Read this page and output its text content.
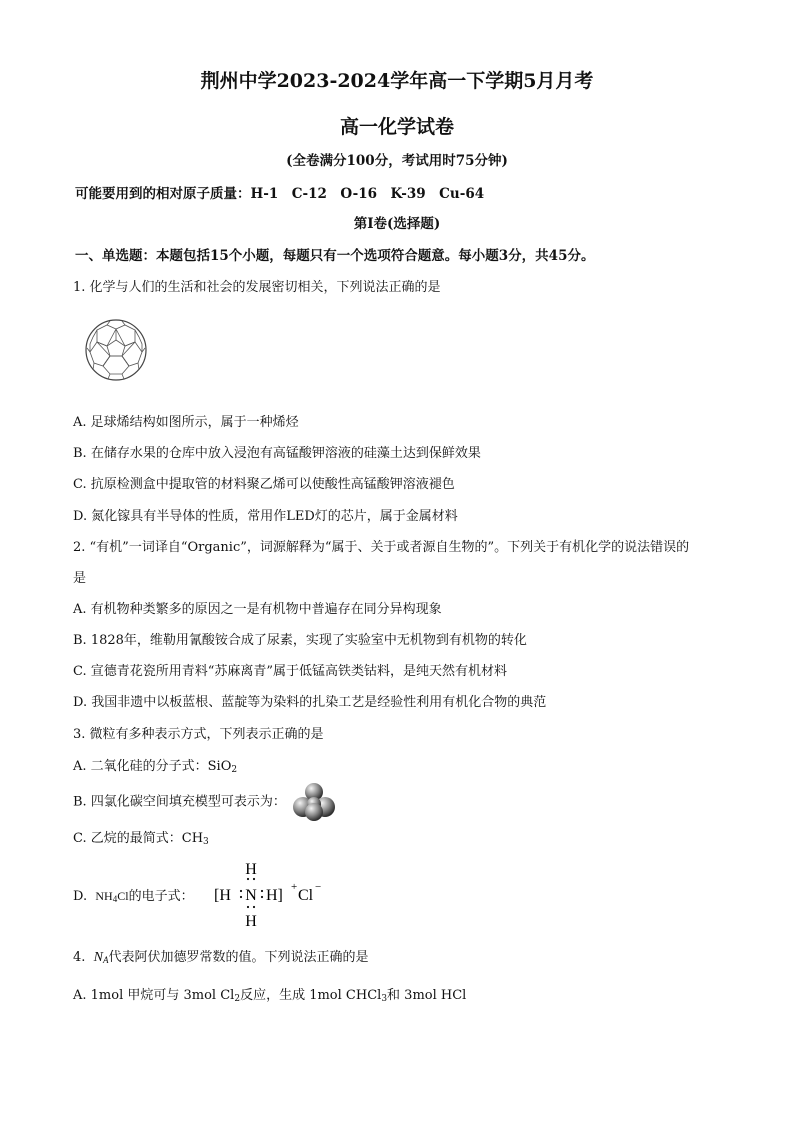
荆州中学2023-2024学年高一下学期5月月考
高一化学试卷
(全卷满分100分，考试用时75分钟)
可能要用到的相对原子质量：H-1　C-12　O-16　K-39　Cu-64
第Ⅰ卷(选择题)
一、单选题：本题包括15个小题，每题只有一个选项符合题意。每小题3分，共45分。
1. 化学与人们的生活和社会的发展密切相关，下列说法正确的是
A. 足球烯结构如图所示，属于一种烯烃
B. 在储存水果的仓库中放入浸泡有高锰酸钾溶液的硅藻土达到保鲜效果
C. 抗原检测盒中提取管的材料聚乙烯可以使酸性高锰酸钾溶液褪色
D. 氮化镓具有半导体的性质，常用作LED灯的芯片，属于金属材料
2. “有机”一词译自“Organic”，词源解释为“属于、关于或者源自生物的”。下列关于有机化学的说法错误的
是
A. 有机物种类繁多的原因之一是有机物中普遍存在同分异构现象
B. 1828年，维勒用氰酸铵合成了尿素，实现了实验室中无机物到有机物的转化
C. 宣德青花瓷所用青料“苏麻离青”属于低锰高铁类钴料，是纯天然有机材料
D. 我国非遗中以板蓝根、蓝靛等为染料的扎染工艺是经验性利用有机化合物的典范
3. 微粒有多种表示方式，下列表示正确的是
A. 二氧化硅的分子式：SiO$_2$
B. 四氯化碳空间填充模型可表示为：
C. 乙烷的最简式：$CH_3$
D.  $NH_4Cl$的电子式：
H
[H N H] + Cl −
H
4. $N_A$代表阿伏加德罗常数的值。下列说法正确的是
A. 1mol 甲烷可与 3mol $Cl_2$反应，生成 1mol CHCl$_3$和 3mol HCl
